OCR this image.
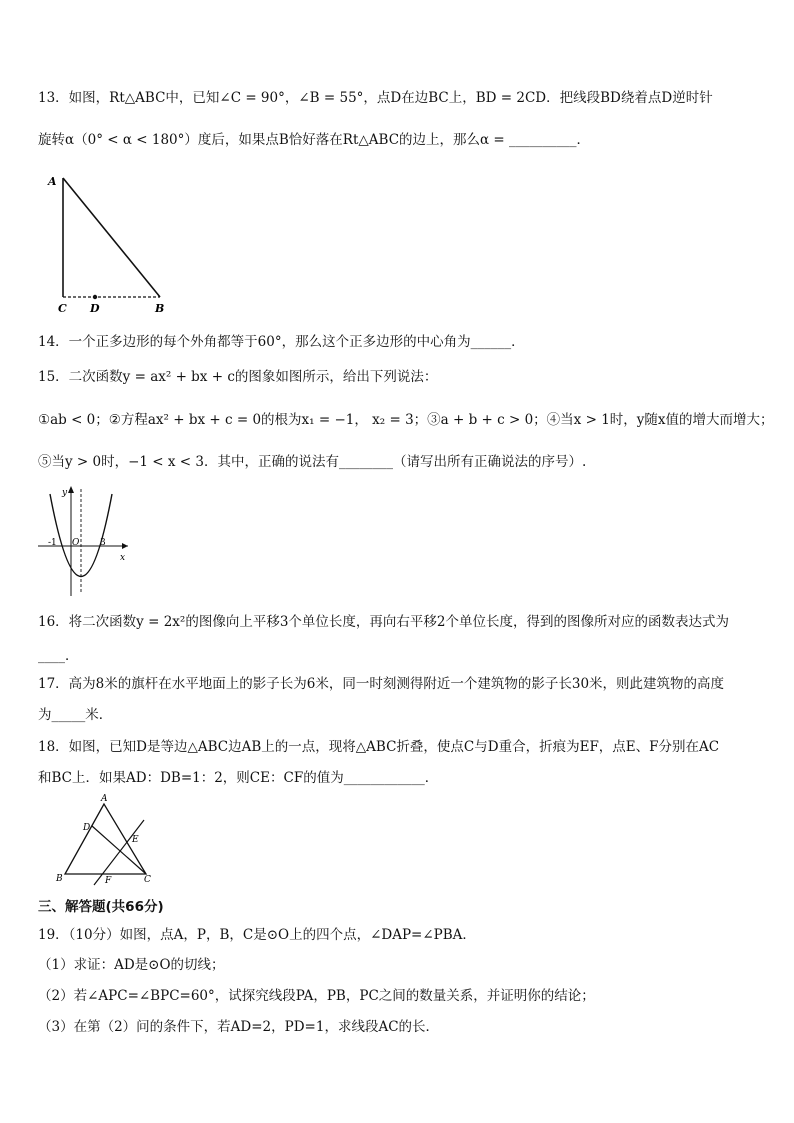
13．如图，Rt△ABC中，已知∠C = 90°，∠B = 55°，点D在边BC上，BD = 2CD．把线段BD绕着点D逆时针
旋转α（0° < α < 180°）度后，如果点B恰好落在Rt△ABC的边上，那么α = __________．
A
C D	B
14．一个正多边形的每个外角都等于60°，那么这个正多边形的中心角为______．
15．二次函数y = ax² + bx + c的图象如图所示，给出下列说法：
①ab < 0；②方程ax² + bx + c = 0的根为x₁ = −1， x₂ = 3；③a + b + c > 0；④当x > 1时，y随x值的增大而增大；
⑤当y > 0时，−1 < x < 3．其中，正确的说法有________（请写出所有正确说法的序号）.
y
x
-1 O 3
16．将二次函数y = 2x²的图像向上平移3个单位长度，再向右平移2个单位长度，得到的图像所对应的函数表达式为
____．
17．高为8米的旗杆在水平地面上的影子长为6米，同一时刻测得附近一个建筑物的影子长30米，则此建筑物的高度
为_____米．
18．如图，已知D是等边△ABC边AB上的一点，现将△ABC折叠，使点C与D重合，折痕为EF，点E、F分别在AC
和BC上．如果AD：DB=1：2，则CE：CF的值为____________．
A
D
E
B	F	C
三、解答题(共66分)
19．（10分）如图，点A，P，B，C是⊙O上的四个点，∠DAP=∠PBA．
（1）求证：AD是⊙O的切线；
（2）若∠APC=∠BPC=60°，试探究线段PA，PB，PC之间的数量关系，并证明你的结论；
（3）在第（2）问的条件下，若AD=2，PD=1，求线段AC的长．
